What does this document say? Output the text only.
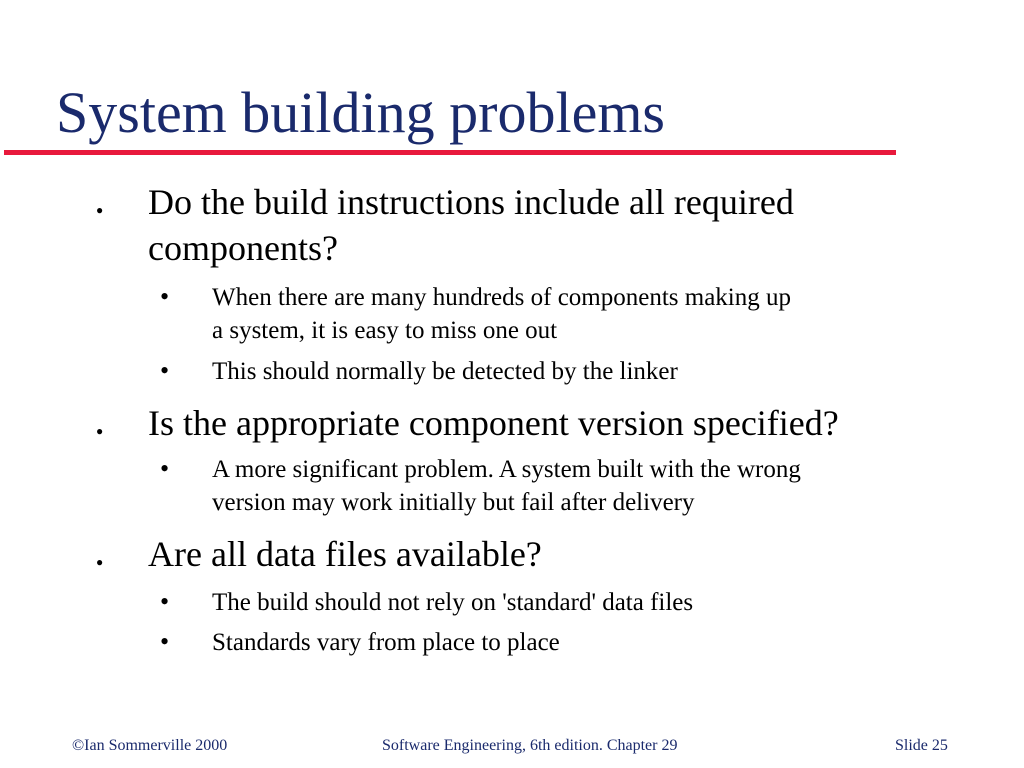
System building problems
● Do the build instructions include all required
components?
• When there are many hundreds of components making up
a system, it is easy to miss one out
• This should normally be detected by the linker
● Is the appropriate component version specified?
• A more significant problem. A system built with the wrong
version may work initially but fail after delivery
● Are all data files available?
• The build should not rely on 'standard' data files
• Standards vary from place to place
©Ian Sommerville 2000	Software Engineering, 6th edition. Chapter 29	Slide 25
